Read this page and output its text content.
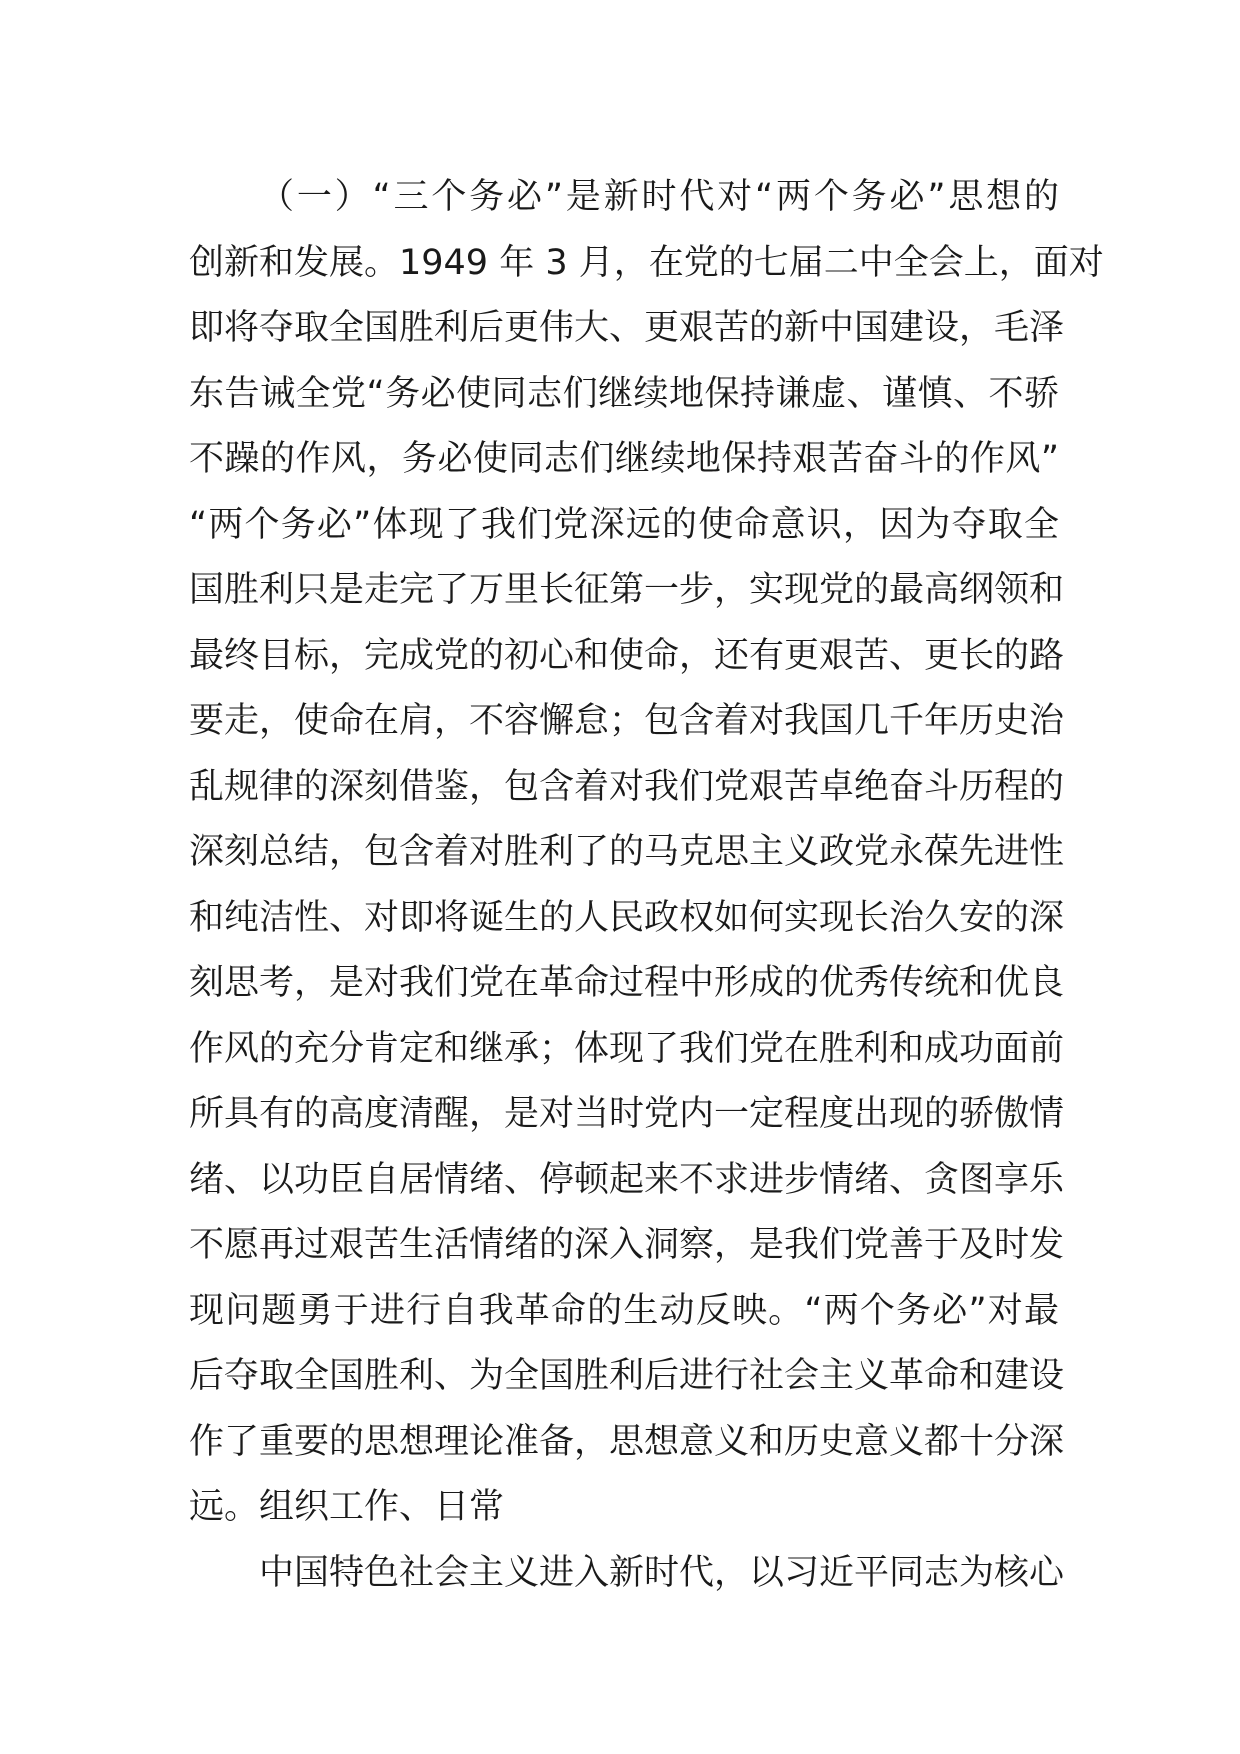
（一）“三个务必”是新时代对“两个务必”思想的
创新和发展。1949 年 3 月，在党的七届二中全会上，面对
即将夺取全国胜利后更伟大、更艰苦的新中国建设，毛泽
东告诫全党“务必使同志们继续地保持谦虚、谨慎、不骄
不躁的作风，务必使同志们继续地保持艰苦奋斗的作风”
“两个务必”体现了我们党深远的使命意识，因为夺取全
国胜利只是走完了万里长征第一步，实现党的最高纲领和
最终目标，完成党的初心和使命，还有更艰苦、更长的路
要走，使命在肩，不容懈怠；包含着对我国几千年历史治
乱规律的深刻借鉴，包含着对我们党艰苦卓绝奋斗历程的
深刻总结，包含着对胜利了的马克思主义政党永葆先进性
和纯洁性、对即将诞生的人民政权如何实现长治久安的深
刻思考，是对我们党在革命过程中形成的优秀传统和优良
作风的充分肯定和继承；体现了我们党在胜利和成功面前
所具有的高度清醒，是对当时党内一定程度出现的骄傲情
绪、以功臣自居情绪、停顿起来不求进步情绪、贪图享乐
不愿再过艰苦生活情绪的深入洞察，是我们党善于及时发
现问题勇于进行自我革命的生动反映。“两个务必”对最
后夺取全国胜利、为全国胜利后进行社会主义革命和建设
作了重要的思想理论准备，思想意义和历史意义都十分深
远。组织工作、日常
中国特色社会主义进入新时代，以习近平同志为核心
